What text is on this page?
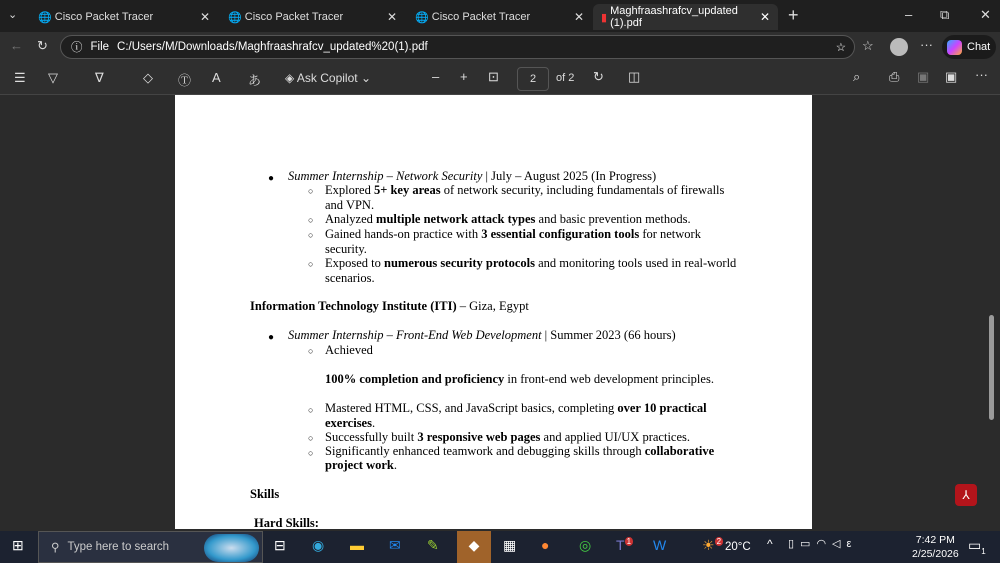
⌄ 🌐 Cisco Packet Tracer	✕ 🌐 Cisco Packet Tracer	✕ 🌐 Cisco Packet Tracer	✕ ▮
Maghfraashrafcv_updated (1).pdf	✕ +	– ⧉ ✕
← ↻ ⓘ File C:/Users/M/Downloads/Maghfraashrafcv_updated%20(1).pdf	☆ ☆	···	Chat
☰ ▽	∇	◇ Ⓣ A あ ◈ Ask Copilot ⌄	– + ⊡	2	of 2 ↻ ◫	⌕ ⎙ ▣ ▣ ···
● Summer Internship – Network Security | July – August 2025 (In Progress)
○ Explored 5+ key areas of network security, including fundamentals of firewalls
and VPN.
○ Analyzed multiple network attack types and basic prevention methods.
○ Gained hands-on practice with 3 essential configuration tools for network
security.
○ Exposed to numerous security protocols and monitoring tools used in real-world
scenarios.
Information Technology Institute (ITI) – Giza, Egypt
● Summer Internship – Front-End Web Development | Summer 2023 (66 hours)
○ Achieved
100% completion and proficiency in front-end web development principles.
○ Mastered HTML, CSS, and JavaScript basics, completing over 10 practical
exercises.
○ Successfully built 3 responsive web pages and applied UI/UX practices.
○ Significantly enhanced teamwork and debugging skills through collaborative
project work.
Skills
Hard Skills:
⅄
⊞ ⚲ Type here to search	⊟ ◉ ▬ ✉ ✎	◆	▦ ● ◎ T $^1$ W	☀ $^2$ 20°C ^ ▯▭◠◁ε	7:42 PM
2/25/2026
$▭_1$
